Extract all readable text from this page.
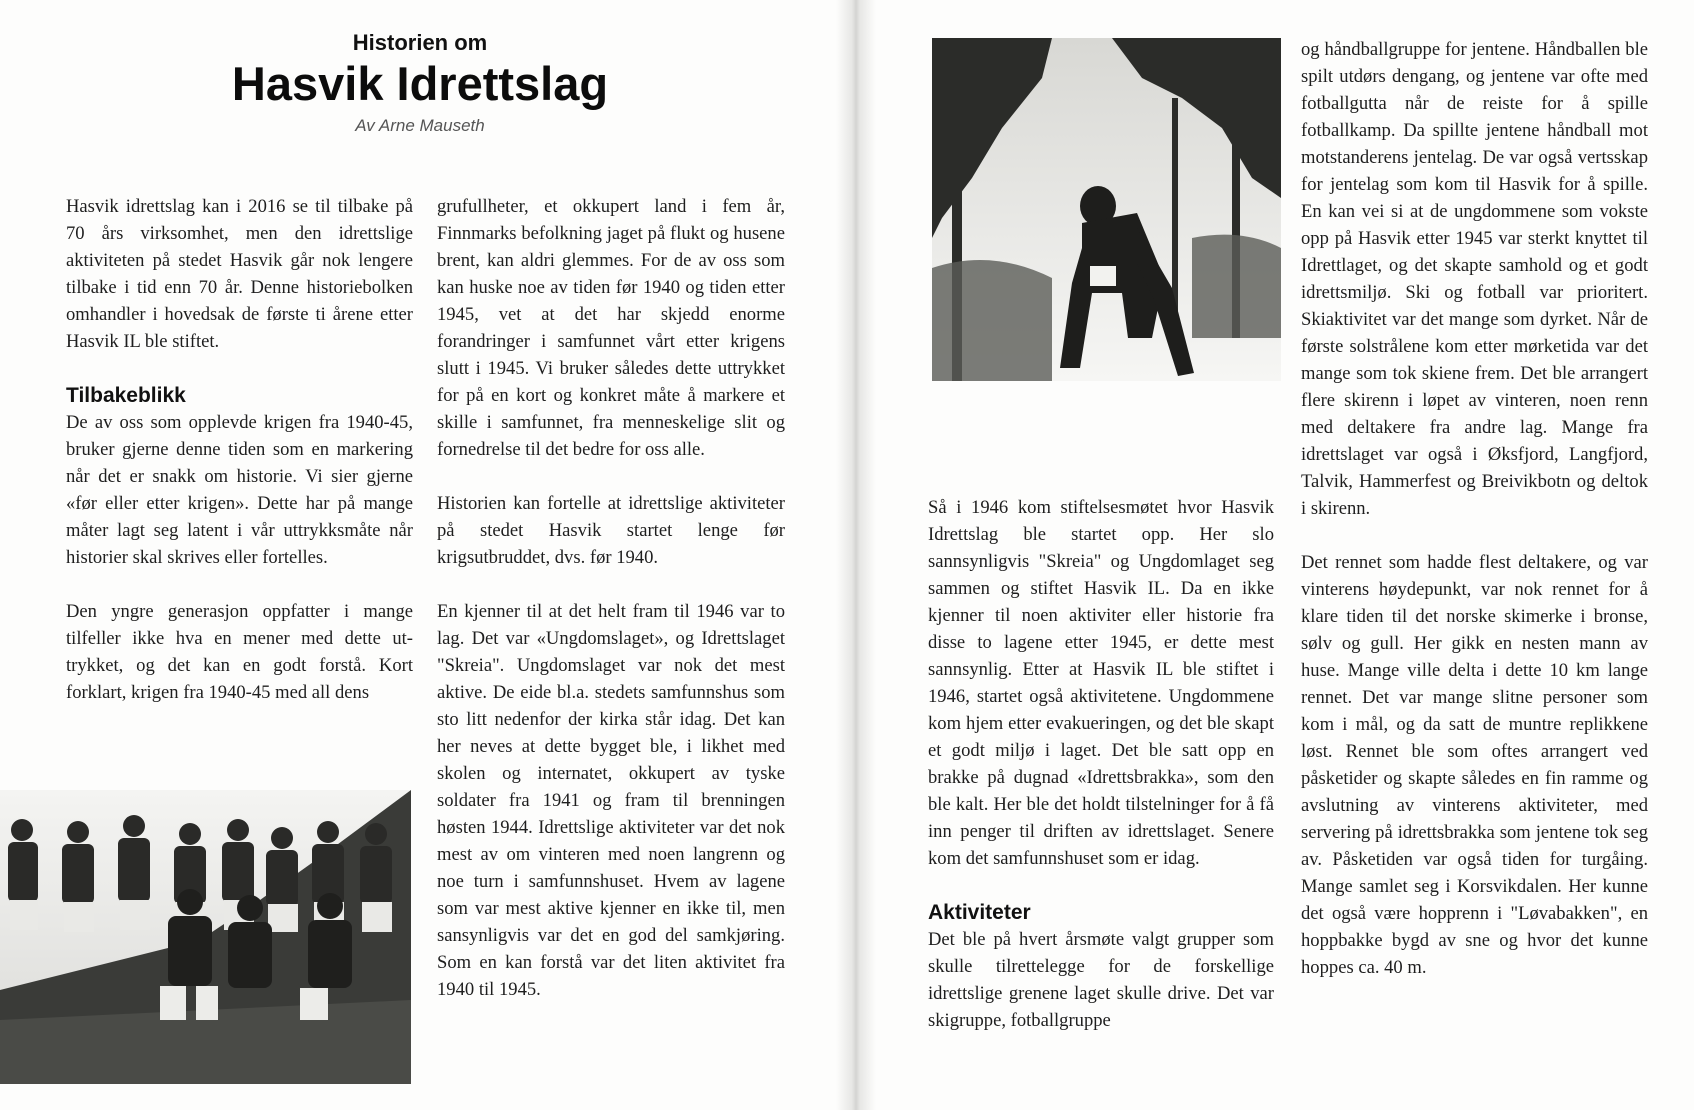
Historien om
Hasvik Idrettslag
Av Arne Mauseth

Hasvik idrettslag kan i 2016 se til tilbake på 70 års virksomhet, men den idrettslige aktiviteten på stedet Hasvik går nok lengere tilbake i tid enn 70 år. Denne historiebolken omhandler i hovedsak de første ti årene etter Hasvik IL ble stiftet.

Tilbakeblikk

De av oss som opplevde krigen fra 1940-45, bruker gjerne denne tiden som en markering når det er snakk om historie. Vi sier gjerne «før eller etter krigen». Dette har på mange måter lagt seg latent i vår uttrykksmåte når historier skal skrives eller fortelles.

Den yngre generasjon oppfatter i mange tilfeller ikke hva en mener med dette uttrykket, og det kan en godt forstå. Kort forklart, krigen fra 1940-45 med all dens

grufullheter, et okkupert land i fem år, Finnmarks befolkning jaget på flukt og husene brent, kan aldri glemmes. For de av oss som kan huske noe av tiden før 1940 og tiden etter 1945, vet at det har skjedd enorme forandringer i samfunnet vårt etter krigens slutt i 1945. Vi bruker således dette uttrykket for på en kort og konkret måte å markere et skille i samfunnet, fra menneskelige slit og fornedrelse til det bedre for oss alle.

Historien kan fortelle at idrettslige aktiviteter på stedet Hasvik startet lenge før krigsutbruddet, dvs. før 1940.

En kjenner til at det helt fram til 1946 var to lag. Det var «Ungdomslaget», og Idrettslaget "Skreia". Ungdomslaget var nok det mest aktive. De eide bl.a. stedets samfunnshus som sto litt nedenfor der kirka står idag. Det kan her neves at dette bygget ble, i likhet med skolen og internatet, okkupert av tyske soldater fra 1941 og fram til brenningen høsten 1944. Idrettslige aktiviteter var det nok mest av om vinteren med noen langrenn og noe turn i samfunnshuset. Hvem av lagene som var mest aktive kjenner en ikke til, men sansynligvis var det en god del samkjøring. Som en kan forstå var det liten aktivitet fra 1940 til 1945.

Så i 1946 kom stiftelsesmøtet hvor Hasvik Idrettslag ble startet opp. Her slo sannsynligvis "Skreia" og Ungdomlaget seg sammen og stiftet Hasvik IL. Da en ikke kjenner til noen aktiviter eller historie fra disse to lagene etter 1945, er dette mest sannsynlig. Etter at Hasvik IL ble stiftet i 1946, startet også aktivitetene. Ungdommene kom hjem etter evakueringen, og det ble skapt et godt miljø i laget. Det ble satt opp en brakke på dugnad «Idrettsbrakka», som den ble kalt. Her ble det holdt tilstelninger for å få inn penger til driften av idrettslaget. Senere kom det samfunnshuset som er idag.

Aktiviteter

Det ble på hvert årsmøte valgt grupper som skulle tilrettelegge for de forskellige idrettslige grenene laget skulle drive. Det var skigruppe, fotballgruppe

og håndballgruppe for jentene. Håndballen ble spilt utdørs dengang, og jentene var ofte med fotballgutta når de reiste for å spille fotballkamp. Da spillte jentene håndball mot motstanderens jentelag. De var også vertsskap for jentelag som kom til Hasvik for å spille. En kan vei si at de ungdommene som vokste opp på Hasvik etter 1945 var sterkt knyttet til Idrettlaget, og det skapte samhold og et godt idrettsmiljø. Ski og fotball var prioritert. Skiaktivitet var det mange som dyrket. Når de første solstrålene kom etter mørketida var det mange som tok skiene frem. Det ble arrangert flere skirenn i løpet av vinteren, noen renn med deltakere fra andre lag. Mange fra idrettslaget var også i Øksfjord, Langfjord, Talvik, Hammerfest og Breivikbotn og deltok i skirenn.

Det rennet som hadde flest deltakere, og var vinterens høydepunkt, var nok rennet for å klare tiden til det norske skimerke i bronse, sølv og gull. Her gikk en nesten mann av huse. Mange ville delta i dette 10 km lange rennet. Det var mange slitne personer som kom i mål, og da satt de muntre replikkene løst. Rennet ble som oftes arrangert ved påsketider og skapte således en fin ramme og avslutning av vinterens aktiviteter, med servering på idrettsbrakka som jentene tok seg av. Påsketiden var også tiden for turgåing. Mange samlet seg i Korsvikdalen. Her kunne det også være hopprenn i "Løvabakken", en hoppbakke bygd av sne og hvor det kunne hoppes ca. 40 m.
